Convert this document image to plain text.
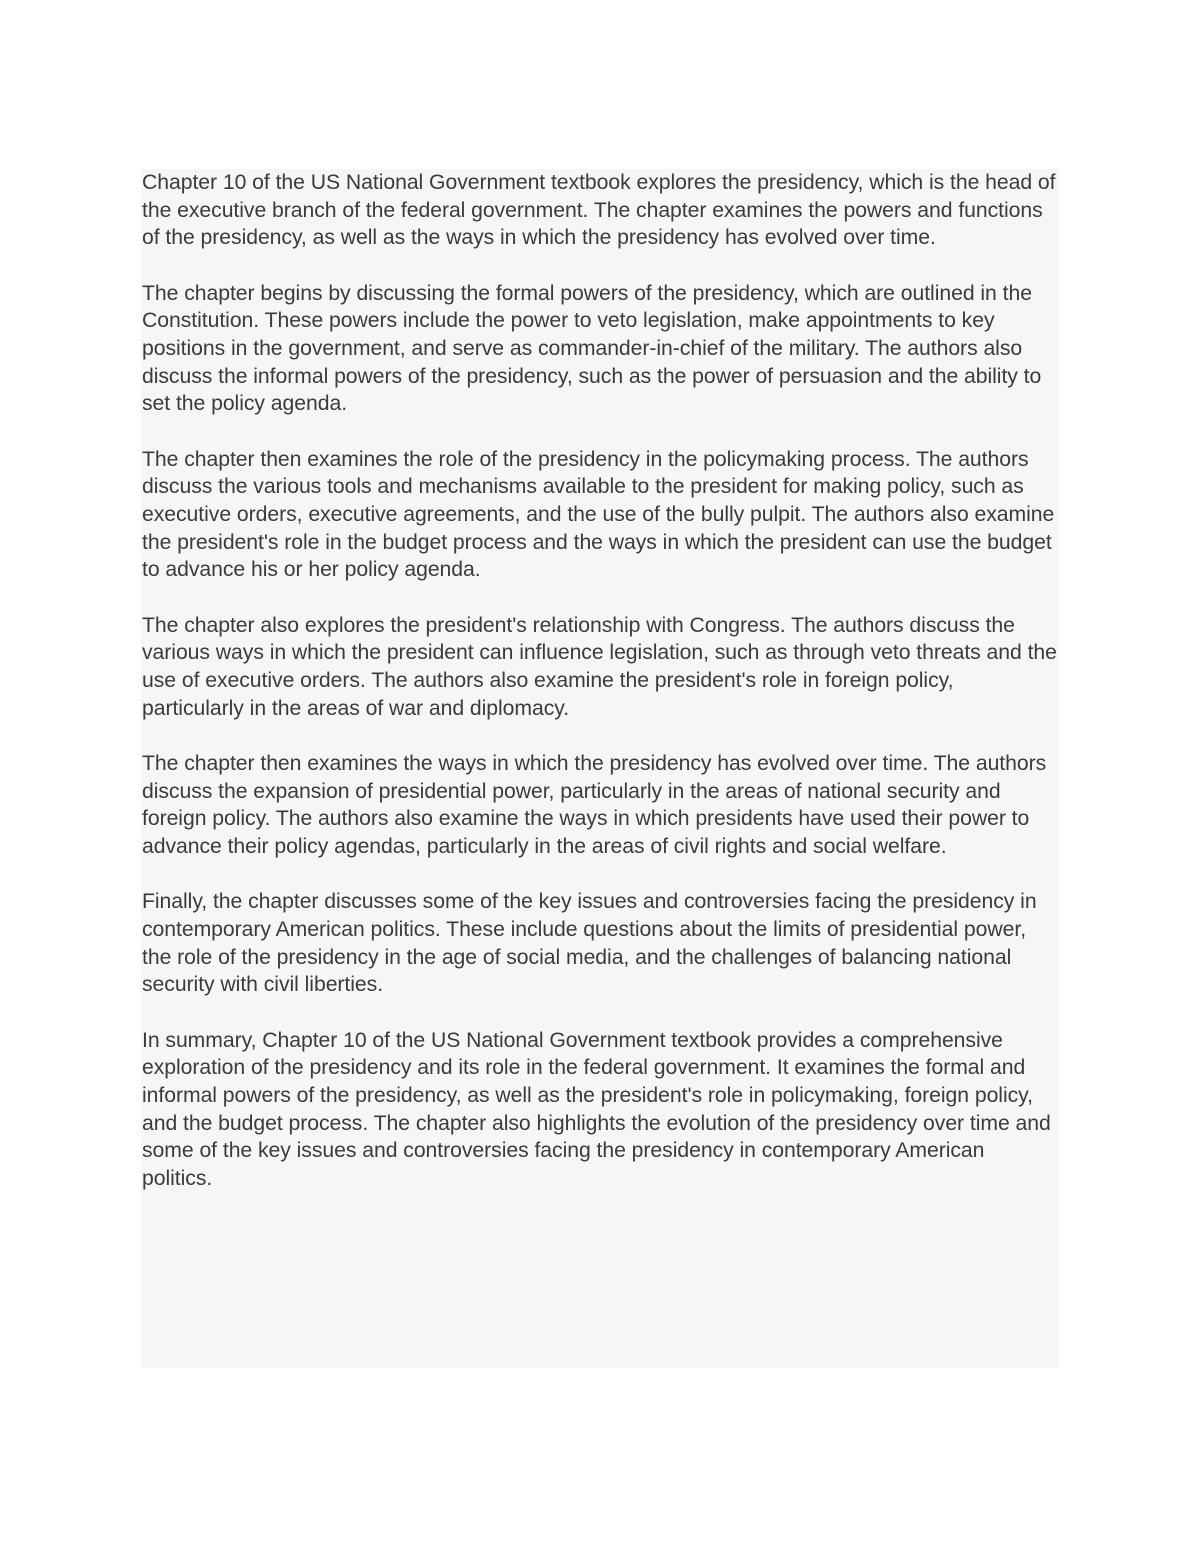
Chapter 10 of the US National Government textbook explores the presidency, which is the head of the executive branch of the federal government. The chapter examines the powers and functions of the presidency, as well as the ways in which the presidency has evolved over time.

The chapter begins by discussing the formal powers of the presidency, which are outlined in the Constitution. These powers include the power to veto legislation, make appointments to key positions in the government, and serve as commander-in-chief of the military. The authors also discuss the informal powers of the presidency, such as the power of persuasion and the ability to set the policy agenda.

The chapter then examines the role of the presidency in the policymaking process. The authors discuss the various tools and mechanisms available to the president for making policy, such as executive orders, executive agreements, and the use of the bully pulpit. The authors also examine the president's role in the budget process and the ways in which the president can use the budget to advance his or her policy agenda.

The chapter also explores the president's relationship with Congress. The authors discuss the various ways in which the president can influence legislation, such as through veto threats and the use of executive orders. The authors also examine the president's role in foreign policy, particularly in the areas of war and diplomacy.

The chapter then examines the ways in which the presidency has evolved over time. The authors discuss the expansion of presidential power, particularly in the areas of national security and foreign policy. The authors also examine the ways in which presidents have used their power to advance their policy agendas, particularly in the areas of civil rights and social welfare.

Finally, the chapter discusses some of the key issues and controversies facing the presidency in contemporary American politics. These include questions about the limits of presidential power, the role of the presidency in the age of social media, and the challenges of balancing national security with civil liberties.

In summary, Chapter 10 of the US National Government textbook provides a comprehensive exploration of the presidency and its role in the federal government. It examines the formal and informal powers of the presidency, as well as the president's role in policymaking, foreign policy, and the budget process. The chapter also highlights the evolution of the presidency over time and some of the key issues and controversies facing the presidency in contemporary American politics.
